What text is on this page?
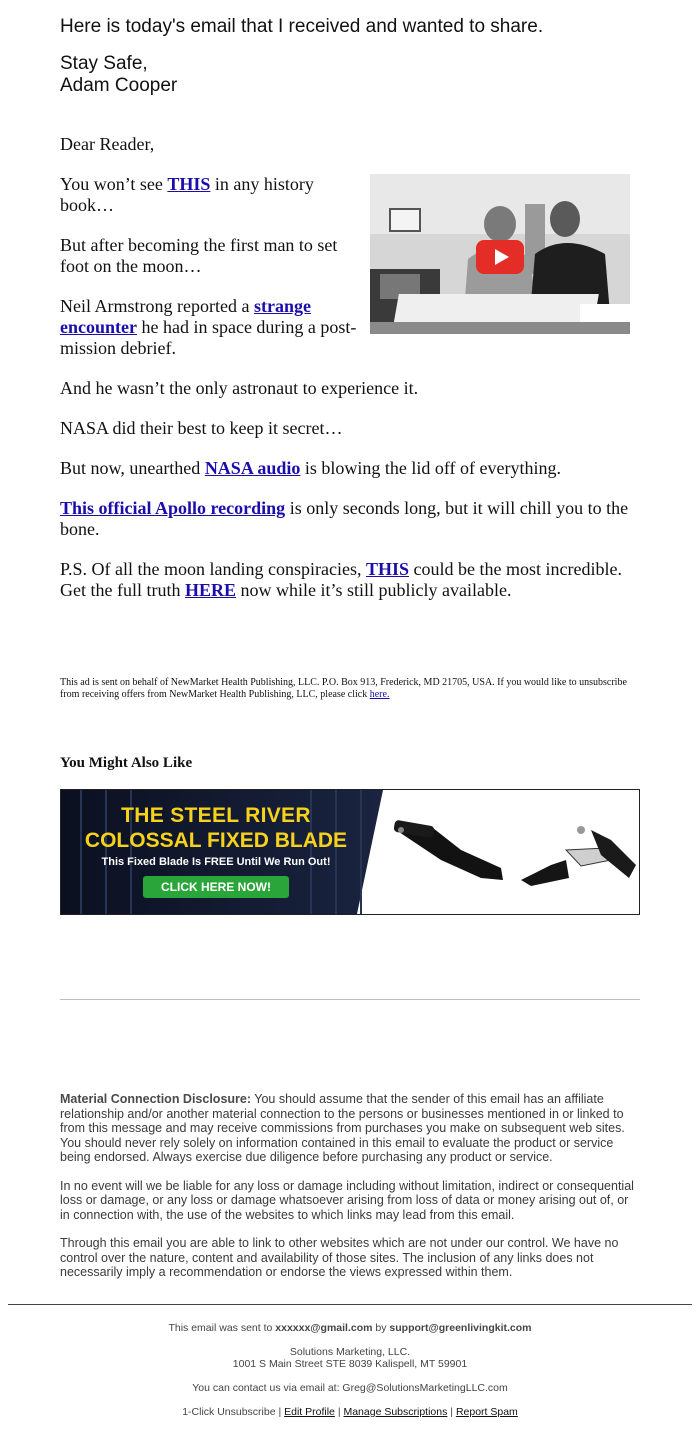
Here is today's email that I received and wanted to share.

Stay Safe,

Adam Cooper

Dear Reader,

You won’t see THIS in any history book…

But after becoming the first man to set foot on the moon…

Neil Armstrong reported a strange encounter he had in space during a post-mission debrief.

And he wasn’t the only astronaut to experience it.

NASA did their best to keep it secret…

But now, unearthed NASA audio is blowing the lid off of everything.

This official Apollo recording is only seconds long, but it will chill you to the bone.

P.S. Of all the moon landing conspiracies, THIS could be the most incredible. Get the full truth HERE now while it’s still publicly available.

This ad is sent on behalf of NewMarket Health Publishing, LLC. P.O. Box 913, Frederick, MD 21705, USA. If you would like to unsubscribe from receiving offers from NewMarket Health Publishing, LLC, please click here.
You Might Also Like
THE STEEL RIVER
COLOSSAL FIXED BLADE
This Fixed Blade Is FREE Until We Run Out!
CLICK HERE NOW!

Material Connection Disclosure: You should assume that the sender of this email has an affiliate relationship and/or another material connection to the persons or businesses mentioned in or linked to from this message and may receive commissions from purchases you make on subsequent web sites. You should never rely solely on information contained in this email to evaluate the product or service being endorsed. Always exercise due diligence before purchasing any product or service.

In no event will we be liable for any loss or damage including without limitation, indirect or consequential loss or damage, or any loss or damage whatsoever arising from loss of data or money arising out of, or in connection with, the use of the websites to which links may lead from this email.

Through this email you are able to link to other websites which are not under our control. We have no control over the nature, content and availability of those sites. The inclusion of any links does not necessarily imply a recommendation or endorse the views expressed within them.

This email was sent to xxxxxx@gmail.com by support@greenlivingkit.com

Solutions Marketing, LLC.
1001 S Main Street STE 8039 Kalispell, MT 59901

You can contact us via email at: Greg@SolutionsMarketingLLC.com

1-Click Unsubscribe | Edit Profile | Manage Subscriptions | Report Spam
